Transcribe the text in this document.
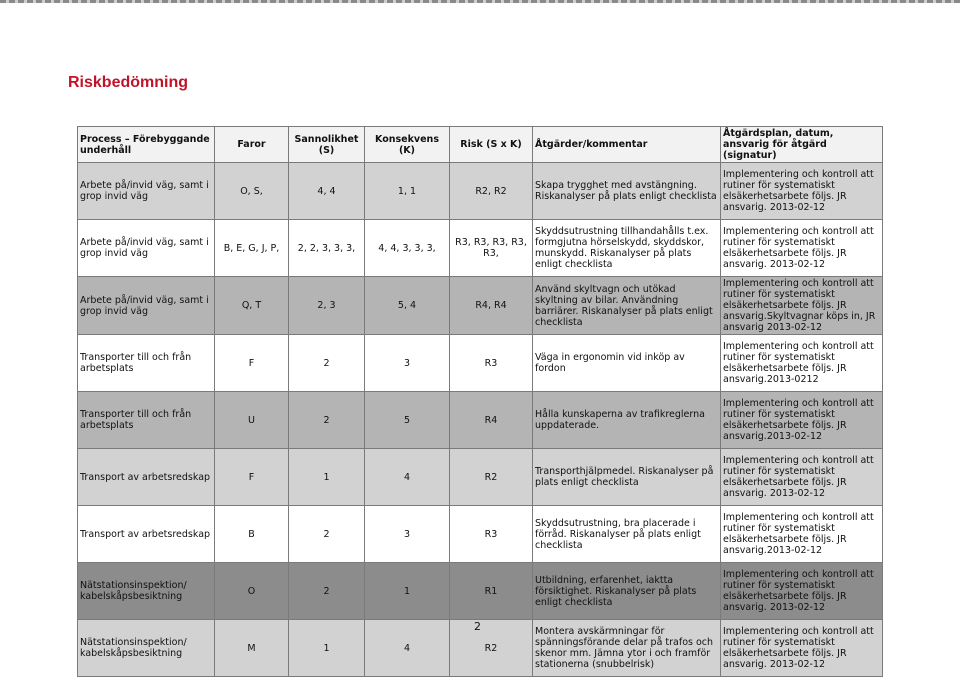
Riskbedömning
Process – Förebyggande underhåll	Faror	Sannolikhet (S)	Konsekvens (K)	Risk (S x K)	Åtgärder/kommentar	Åtgärdsplan, datum, ansvarig för åtgärd (signatur)
Arbete på/invid väg, samt i grop invid väg	O, S,	4, 4	1, 1	R2, R2	Skapa trygghet med avstängning. Riskanalyser på plats enligt checklista	Implementering och kontroll att rutiner för systematiskt elsäkerhetsarbete följs. JR ansvarig. 2013-02-12
Arbete på/invid väg, samt i grop invid väg	B, E, G, J, P,	2, 2, 3, 3, 3,	4, 4, 3, 3, 3,	R3, R3, R3, R3, R3,	Skyddsutrustning tillhandahålls t.ex. formgjutna hörselskydd, skyddskor, munskydd. Riskanalyser på plats enligt checklista	Implementering och kontroll att rutiner för systematiskt elsäkerhetsarbete följs. JR ansvarig. 2013-02-12
Arbete på/invid väg, samt i grop invid väg	Q, T	2, 3	5, 4	R4, R4	Använd skyltvagn och utökad skyltning av bilar. Användning barriärer. Riskanalyser på plats enligt checklista	Implementering och kontroll att rutiner för systematiskt elsäkerhetsarbete följs. JR ansvarig.Skyltvagnar köps in, JR ansvarig 2013-02-12
Transporter till och från arbetsplats	F	2	3	R3	Väga in ergonomin vid inköp av fordon	Implementering och kontroll att rutiner för systematiskt elsäkerhetsarbete följs. JR ansvarig.2013-0212
Transporter till och från arbetsplats	U	2	5	R4	Hålla kunskaperna av trafikreglerna uppdaterade.	Implementering och kontroll att rutiner för systematiskt elsäkerhetsarbete följs. JR ansvarig.2013-02-12
Transport av arbetsredskap	F	1	4	R2	Transporthjälpmedel. Riskanalyser på plats enligt checklista	Implementering och kontroll att rutiner för systematiskt elsäkerhetsarbete följs. JR ansvarig. 2013-02-12
Transport av arbetsredskap	B	2	3	R3	Skyddsutrustning, bra placerade i förråd. Riskanalyser på plats enligt checklista	Implementering och kontroll att rutiner för systematiskt elsäkerhetsarbete följs. JR ansvarig.2013-02-12
Nätstationsinspektion/ kabelskåpsbesiktning	O	2	1	R1	Utbildning, erfarenhet, iaktta försiktighet. Riskanalyser på plats enligt checklista	Implementering och kontroll att rutiner för systematiskt elsäkerhetsarbete följs. JR ansvarig. 2013-02-12
Nätstationsinspektion/ kabelskåpsbesiktning	M	1	4	R2	Montera avskärmningar för spänningsförande delar på trafos och skenor mm. Jämna ytor i och framför stationerna (snubbelrisk)	Implementering och kontroll att rutiner för systematiskt elsäkerhetsarbete följs. JR ansvarig. 2013-02-12
2
